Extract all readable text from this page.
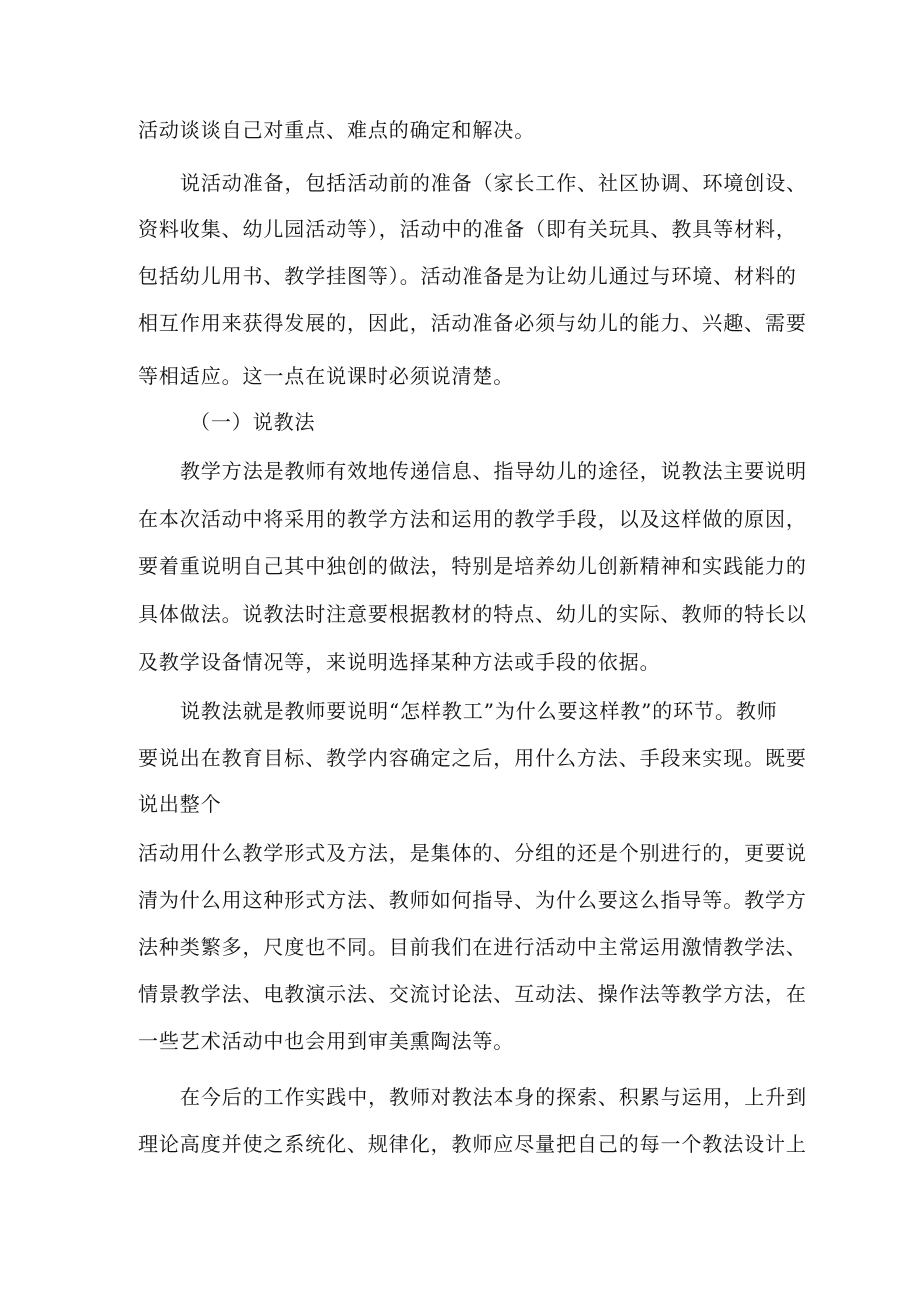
活动谈谈自己对重点、难点的确定和解决。
说活动准备，包括活动前的准备（家长工作、社区协调、环境创设、
资料收集、幼儿园活动等），活动中的准备（即有关玩具、教具等材料，
包括幼儿用书、教学挂图等）。活动准备是为让幼儿通过与环境、材料的
相互作用来获得发展的，因此，活动准备必须与幼儿的能力、兴趣、需要
等相适应。这一点在说课时必须说清楚。
（一）说教法
教学方法是教师有效地传递信息、指导幼儿的途径，说教法主要说明
在本次活动中将采用的教学方法和运用的教学手段，以及这样做的原因，
要着重说明自己其中独创的做法，特别是培养幼儿创新精神和实践能力的
具体做法。说教法时注意要根据教材的特点、幼儿的实际、教师的特长以
及教学设备情况等，来说明选择某种方法或手段的依据。
说教法就是教师要说明“怎样教工”为什么要这样教”的环节。教师
要说出在教育目标、教学内容确定之后，用什么方法、手段来实现。既要
说出整个
活动用什么教学形式及方法，是集体的、分组的还是个别进行的，更要说
清为什么用这种形式方法、教师如何指导、为什么要这么指导等。教学方
法种类繁多，尺度也不同。目前我们在进行活动中主常运用激情教学法、
情景教学法、电教演示法、交流讨论法、互动法、操作法等教学方法，在
一些艺术活动中也会用到审美熏陶法等。
在今后的工作实践中，教师对教法本身的探索、积累与运用，上升到
理论高度并使之系统化、规律化，教师应尽量把自己的每一个教法设计上
